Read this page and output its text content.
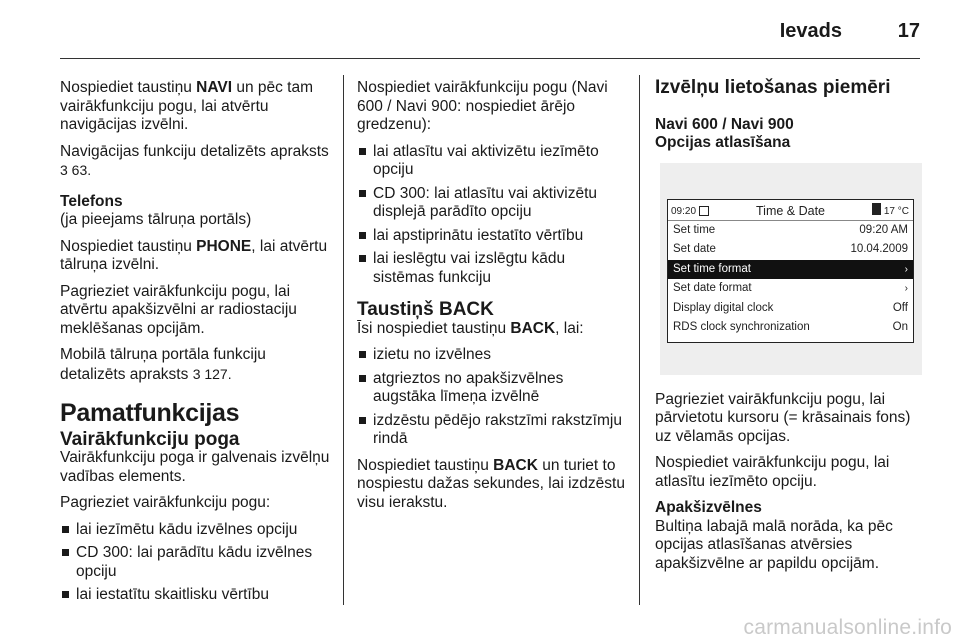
Ievads	17

Nospiediet taustiņu NAVI un pēc tam vairākfunkciju pogu, lai atvērtu navigācijas izvēlni.

Navigācijas funkciju detalizēts apraksts 3 63.

Telefons

(ja pieejams tālruņa portāls)

Nospiediet taustiņu PHONE, lai atvērtu tālruņa izvēlni.

Pagrieziet vairākfunkciju pogu, lai atvērtu apakšizvēlni ar radiostaciju meklēšanas opcijām.

Mobilā tālruņa portāla funkciju detalizēts apraksts 3 127.

Pamatfunkcijas
Vairākfunkciju poga

Vairākfunkciju poga ir galvenais izvēlņu vadības elements.

Pagrieziet vairākfunkciju pogu:

lai iezīmētu kādu izvēlnes opciju
CD 300: lai parādītu kādu izvēlnes opciju
lai iestatītu skaitlisku vērtību

Nospiediet vairākfunkciju pogu (Navi 600 / Navi 900: nospiediet ārējo gredzenu):

lai atlasītu vai aktivizētu iezīmēto opciju
CD 300: lai atlasītu vai aktivizētu displejā parādīto opciju
lai apstiprinātu iestatīto vērtību
lai ieslēgtu vai izslēgtu kādu sistēmas funkciju
Taustiņš BACK

Īsi nospiediet taustiņu BACK, lai:

izietu no izvēlnes
atgrieztos no apakšizvēlnes augstāka līmeņa izvēlnē
izdzēstu pēdējo rakstzīmi rakstzīmju rindā

Nospiediet taustiņu BACK un turiet to nospiestu dažas sekundes, lai izdzēstu visu ierakstu.

Izvēlņu lietošanas piemēri
Navi 600 / Navi 900
Opcijas atlasīšana
09:20	Time & Date	17 °C
Set time	09:20 AM
Set date	10.04.2009
Set time format	›
Set date format	›
Display digital clock	Off
RDS clock synchronization	On

Pagrieziet vairākfunkciju pogu, lai pārvietotu kursoru (= krāsainais fons) uz vēlamās opcijas.

Nospiediet vairākfunkciju pogu, lai atlasītu iezīmēto opciju.

Apakšizvēlnes

Bultiņa labajā malā norāda, ka pēc opcijas atlasīšanas atvērsies apakšizvēlne ar papildu opcijām.

carmanualsonline.info
